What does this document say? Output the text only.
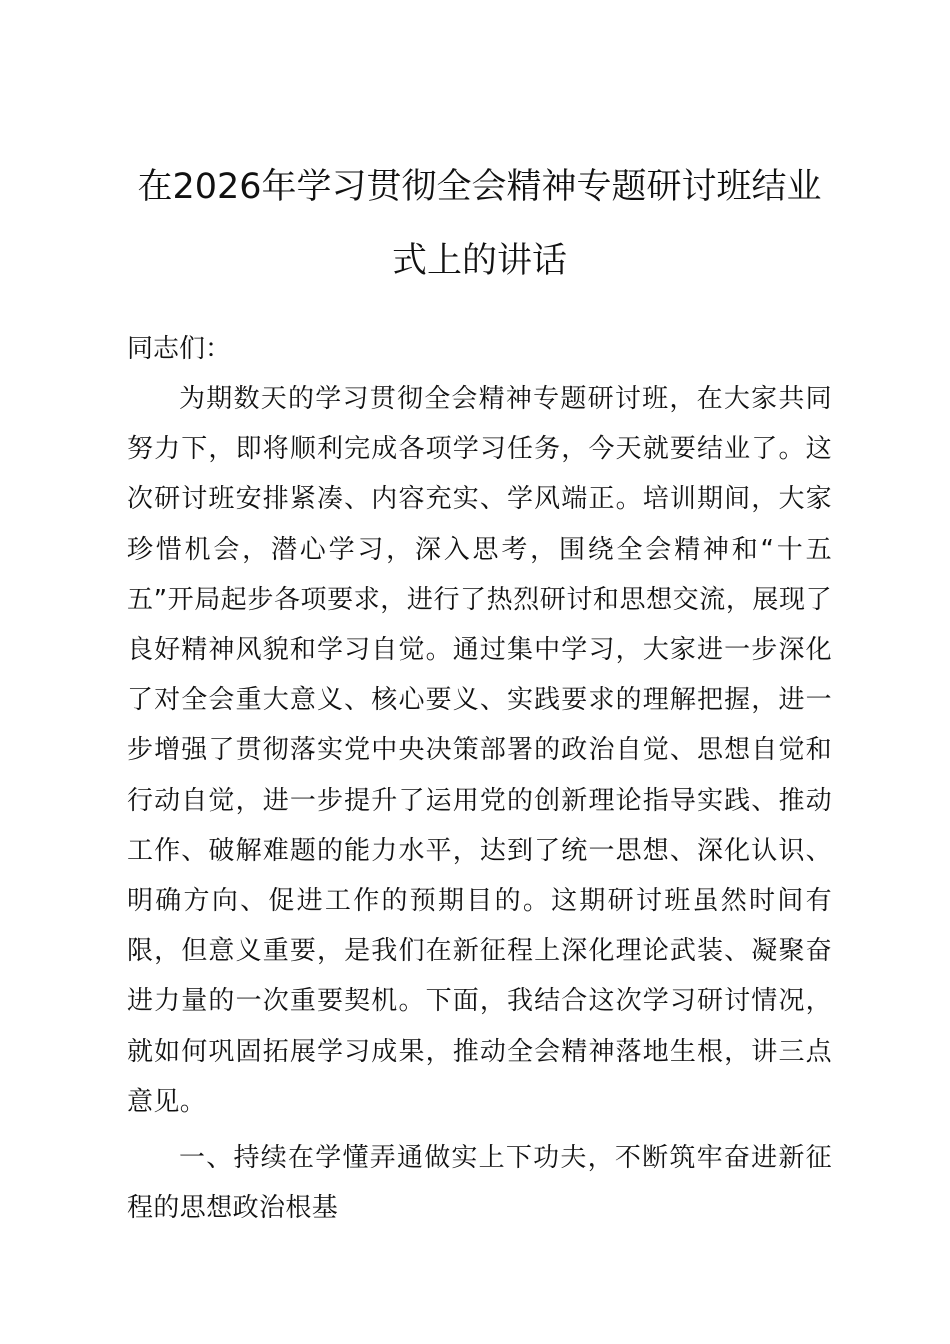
在2026年学习贯彻全会精神专题研讨班结业式上的讲话

同志们：

为期数天的学习贯彻全会精神专题研讨班，在大家共同努力下，即将顺利完成各项学习任务，今天就要结业了。这次研讨班安排紧凑、内容充实、学风端正。培训期间，大家珍惜机会，潜心学习，深入思考，围绕全会精神和“十五五”开局起步各项要求，进行了热烈研讨和思想交流，展现了良好精神风貌和学习自觉。通过集中学习，大家进一步深化了对全会重大意义、核心要义、实践要求的理解把握，进一步增强了贯彻落实党中央决策部署的政治自觉、思想自觉和行动自觉，进一步提升了运用党的创新理论指导实践、推动工作、破解难题的能力水平，达到了统一思想、深化认识、明确方向、促进工作的预期目的。这期研讨班虽然时间有限，但意义重要，是我们在新征程上深化理论武装、凝聚奋进力量的一次重要契机。下面，我结合这次学习研讨情况，就如何巩固拓展学习成果，推动全会精神落地生根，讲三点意见。

一、持续在学懂弄通做实上下功夫，不断筑牢奋进新征程的思想政治根基
